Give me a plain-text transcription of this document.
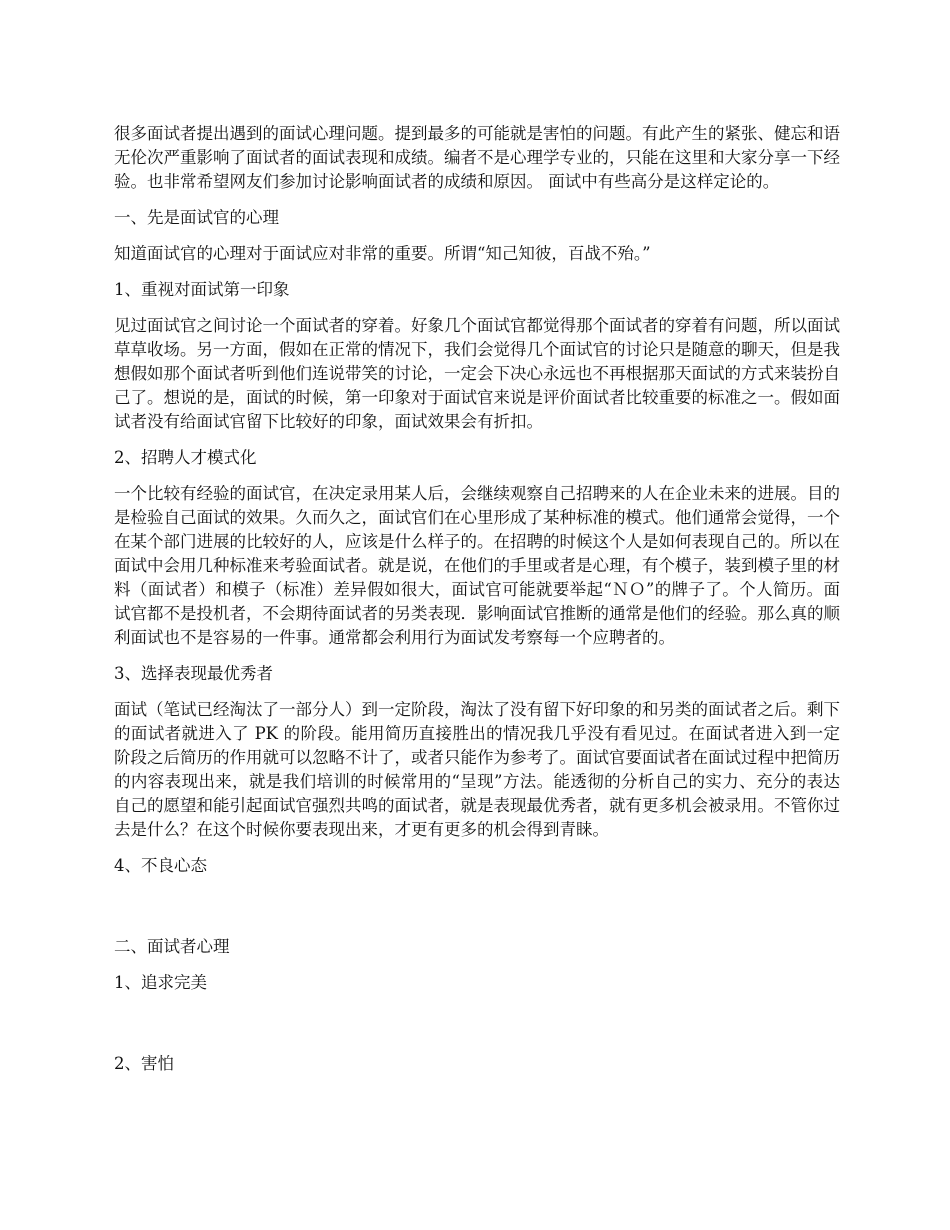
很多面试者提出遇到的面试心理问题。提到最多的可能就是害怕的问题。有此产生的紧张、健忘和语无伦次严重影响了面试者的面试表现和成绩。编者不是心理学专业的，只能在这里和大家分享一下经验。也非常希望网友们参加讨论影响面试者的成绩和原因。 面试中有些高分是这样定论的。

一、先是面试官的心理

知道面试官的心理对于面试应对非常的重要。所谓“知己知彼，百战不殆。”

1、重视对面试第一印象

见过面试官之间讨论一个面试者的穿着。好象几个面试官都觉得那个面试者的穿着有问题，所以面试草草收场。另一方面，假如在正常的情况下，我们会觉得几个面试官的讨论只是随意的聊天，但是我想假如那个面试者听到他们连说带笑的讨论，一定会下决心永远也不再根据那天面试的方式来装扮自己了。想说的是，面试的时候，第一印象对于面试官来说是评价面试者比较重要的标准之一。假如面试者没有给面试官留下比较好的印象，面试效果会有折扣。

2、招聘人才模式化

一个比较有经验的面试官，在决定录用某人后，会继续观察自己招聘来的人在企业未来的进展。目的是检验自己面试的效果。久而久之，面试官们在心里形成了某种标准的模式。他们通常会觉得，一个在某个部门进展的比较好的人，应该是什么样子的。在招聘的时候这个人是如何表现自己的。所以在面试中会用几种标准来考验面试者。就是说，在他们的手里或者是心理，有个模子，装到模子里的材料（面试者）和模子（标准）差异假如很大，面试官可能就要举起“ＮＯ”的牌子了。个人简历。面试官都不是投机者，不会期待面试者的另类表现．影响面试官推断的通常是他们的经验。那么真的顺利面试也不是容易的一件事。通常都会利用行为面试发考察每一个应聘者的。

3、选择表现最优秀者

面试（笔试已经淘汰了一部分人）到一定阶段，淘汰了没有留下好印象的和另类的面试者之后。剩下的面试者就进入了 PK 的阶段。能用简历直接胜出的情况我几乎没有看见过。在面试者进入到一定阶段之后简历的作用就可以忽略不计了，或者只能作为参考了。面试官要面试者在面试过程中把简历的内容表现出来，就是我们培训的时候常用的“呈现”方法。能透彻的分析自己的实力、充分的表达自己的愿望和能引起面试官强烈共鸣的面试者，就是表现最优秀者，就有更多机会被录用。不管你过去是什么？在这个时候你要表现出来，才更有更多的机会得到青睐。

4、不良心态

二、面试者心理

1、追求完美

2、害怕
